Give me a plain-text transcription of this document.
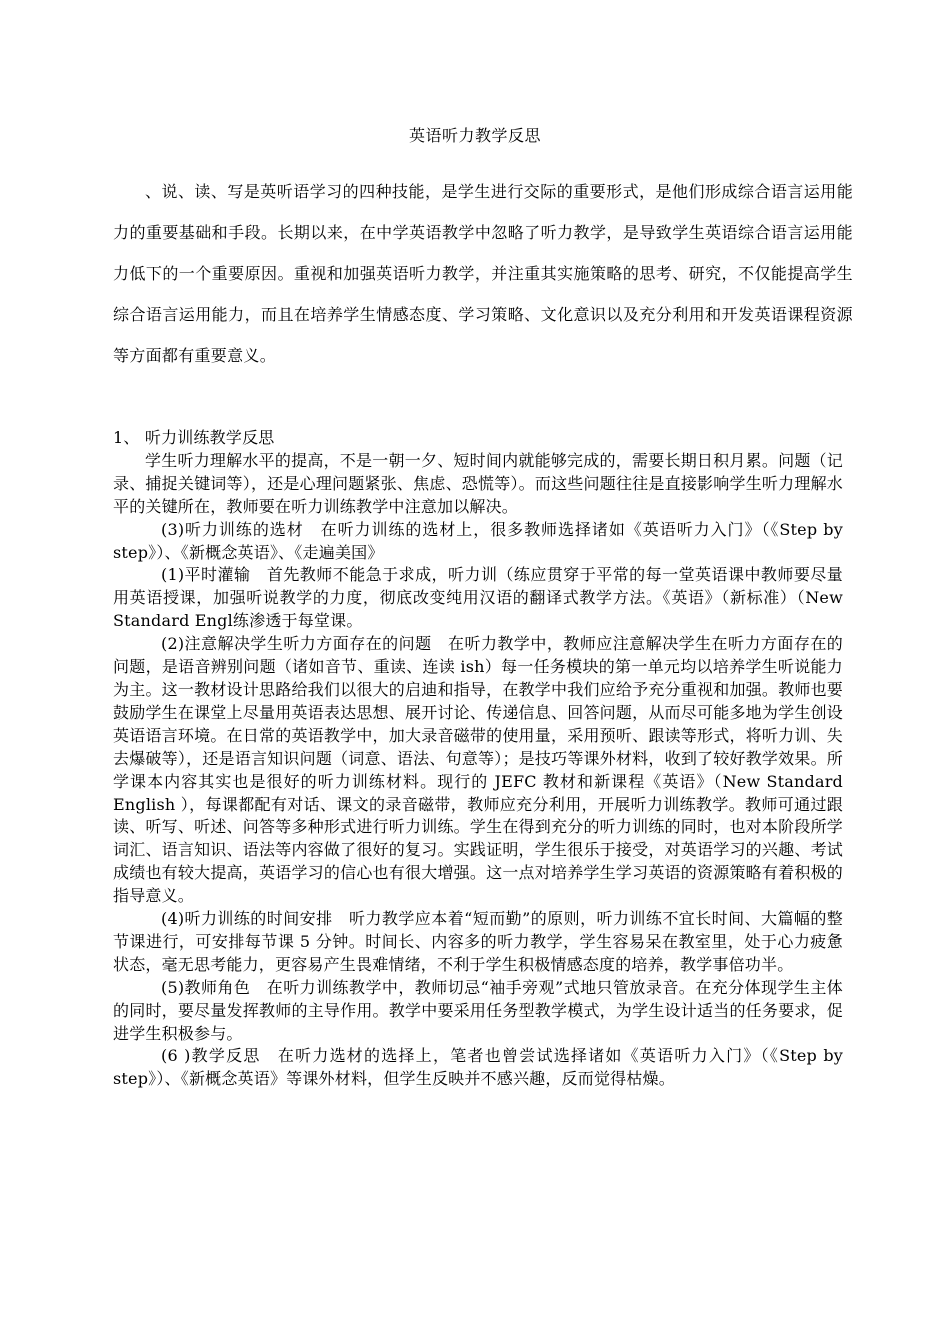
英语听力教学反思

、说、读、写是英听语学习的四种技能，是学生进行交际的重要形式，是他们形成综合语言运用能力的重要基础和手段。长期以来，在中学英语教学中忽略了听力教学，是导致学生英语综合语言运用能力低下的一个重要原因。重视和加强英语听力教学，并注重其实施策略的思考、研究，不仅能提高学生综合语言运用能力，而且在培养学生情感态度、学习策略、文化意识以及充分利用和开发英语课程资源等方面都有重要意义。

1、 听力训练教学反思

学生听力理解水平的提高，不是一朝一夕、短时间内就能够完成的，需要长期日积月累。问题（记录、捕捉关键词等），还是心理问题紧张、焦虑、恐慌等）。而这些问题往往是直接影响学生听力理解水平的关键所在，教师要在听力训练教学中注意加以解决。

(3)听力训练的选材　在听力训练的选材上，很多教师选择诸如《英语听力入门》（《Step by step》）、《新概念英语》、《走遍美国》

(1)平时灌输　首先教师不能急于求成，听力训（练应贯穿于平常的每一堂英语课中教师要尽量用英语授课，加强听说教学的力度，彻底改变纯用汉语的翻译式教学方法。《英语》（新标准）（New Standard Engl练渗透于每堂课。

(2)注意解决学生听力方面存在的问题　在听力教学中，教师应注意解决学生在听力方面存在的问题，是语音辨别问题（诸如音节、重读、连读 ish）每一任务模块的第一单元均以培养学生听说能力为主。这一教材设计思路给我们以很大的启迪和指导，在教学中我们应给予充分重视和加强。教师也要鼓励学生在课堂上尽量用英语表达思想、展开讨论、传递信息、回答问题，从而尽可能多地为学生创设英语语言环境。在日常的英语教学中，加大录音磁带的使用量，采用预听、跟读等形式，将听力训、失去爆破等），还是语言知识问题（词意、语法、句意等）；是技巧等课外材料，收到了较好教学效果。所学课本内容其实也是很好的听力训练材料。现行的 JEFC 教材和新课程《英语》（New Standard English ），每课都配有对话、课文的录音磁带，教师应充分利用，开展听力训练教学。教师可通过跟读、听写、听述、问答等多种形式进行听力训练。学生在得到充分的听力训练的同时，也对本阶段所学词汇、语言知识、语法等内容做了很好的复习。实践证明，学生很乐于接受，对英语学习的兴趣、考试成绩也有较大提高，英语学习的信心也有很大增强。这一点对培养学生学习英语的资源策略有着积极的指导意义。

(4)听力训练的时间安排　听力教学应本着“短而勤”的原则，听力训练不宜长时间、大篇幅的整节课进行，可安排每节课 5 分钟。时间长、内容多的听力教学，学生容易呆在教室里，处于心力疲惫状态，毫无思考能力，更容易产生畏难情绪，不利于学生积极情感态度的培养，教学事倍功半。

(5)教师角色　在听力训练教学中，教师切忌“袖手旁观”式地只管放录音。在充分体现学生主体的同时，要尽量发挥教师的主导作用。教学中要采用任务型教学模式，为学生设计适当的任务要求，促进学生积极参与。

(6 )教学反思　在听力选材的选择上，笔者也曾尝试选择诸如《英语听力入门》（《Step by step》）、《新概念英语》等课外材料，但学生反映并不感兴趣，反而觉得枯燥。
